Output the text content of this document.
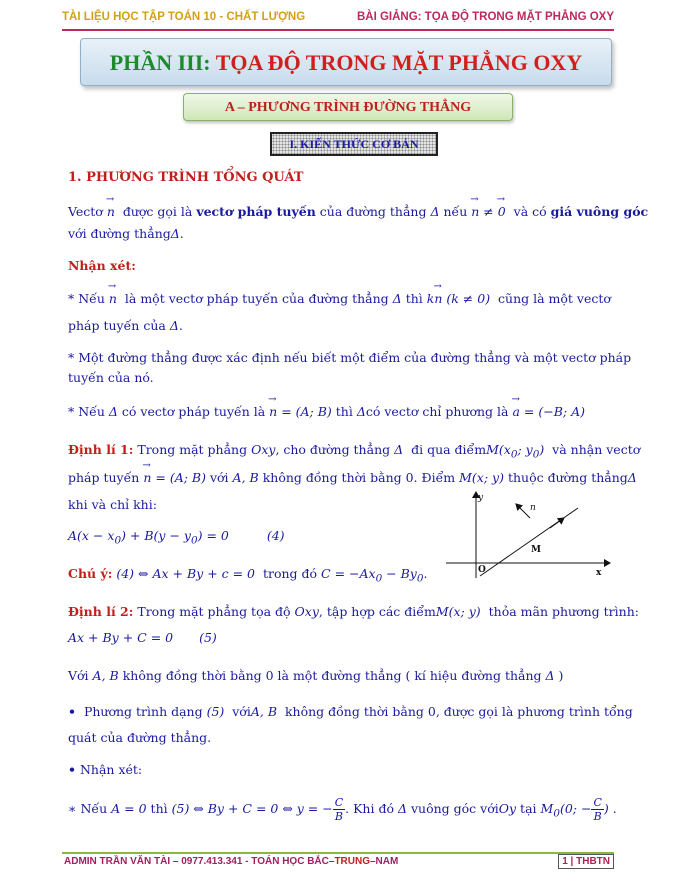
TÀI LIỆU HỌC TẬP TOÁN 10 - CHẤT LƯỢNG	BÀI GIẢNG: TỌA ĐỘ TRONG MẶT PHẲNG OXY
PHẦN III: TỌA ĐỘ TRONG MẶT PHẲNG OXY
A – PHƯƠNG TRÌNH ĐƯỜNG THẲNG
I. KIẾN THỨC CƠ BẢN
1. PHƯƠNG TRÌNH TỔNG QUÁT
Vectơ → n được gọi là vectơ pháp tuyến của đường thẳng Δ nếu → n ≠ → 0 và có giá vuông góc
với đường thẳngΔ.
Nhận xét:
* Nếu → n là một vectơ pháp tuyến của đường thẳng Δ thì k→ n (k ≠ 0) cũng là một vectơ
pháp tuyến của Δ.
* Một đường thẳng được xác định nếu biết một điểm của đường thẳng và một vectơ pháp
tuyến của nó.
* Nếu Δ có vectơ pháp tuyến là → n = (A; B) thì Δcó vectơ chỉ phương là → a = (−B; A)
Định lí 1: Trong mặt phẳng Oxy, cho đường thẳng Δ đi qua $điểmM(x_0$; $y_0$) và nhận vectơ
pháp tuyến → n = (A; B) với A, B không đồng thời bằng 0. Điểm M(x; y) thuộc đường thẳngΔ
khi và chỉ khi:
$A(x - x_0) + B(y - y_0) = 0$	(4)
Chú ý: (4) ⇔ Ax + By + c = 0 trong đó $C = -Ax_0 - By_0$.
y
x
O
M
n
Định lí 2: Trong mặt phẳng tọa độ Oxy, tập hợp các điểmM(x; y) thỏa mãn phương trình:
Ax + By + C = 0 (5)
Với A, B không đồng thời bằng 0 là một đường thẳng ( kí hiệu đường thẳng Δ )
• Phương trình dạng (5) vớiA, B không đồng thời bằng 0, được gọi là phương trình tổng
quát của đường thẳng.
• Nhận xét:
∗ Nếu A = 0 thì (5) ⇔ By + C = 0 ⇔ y = − $\frac{C}{B}$ . Khi đó Δ vuông góc vớiOy tại $M_0(0$; − $\frac{C}{B}$ ) .
ADMIN TRẦN VĂN TÀI – 0977.413.341 - TOÁN HỌC BẮC–TRUNG–NAM	1 | THBTN
